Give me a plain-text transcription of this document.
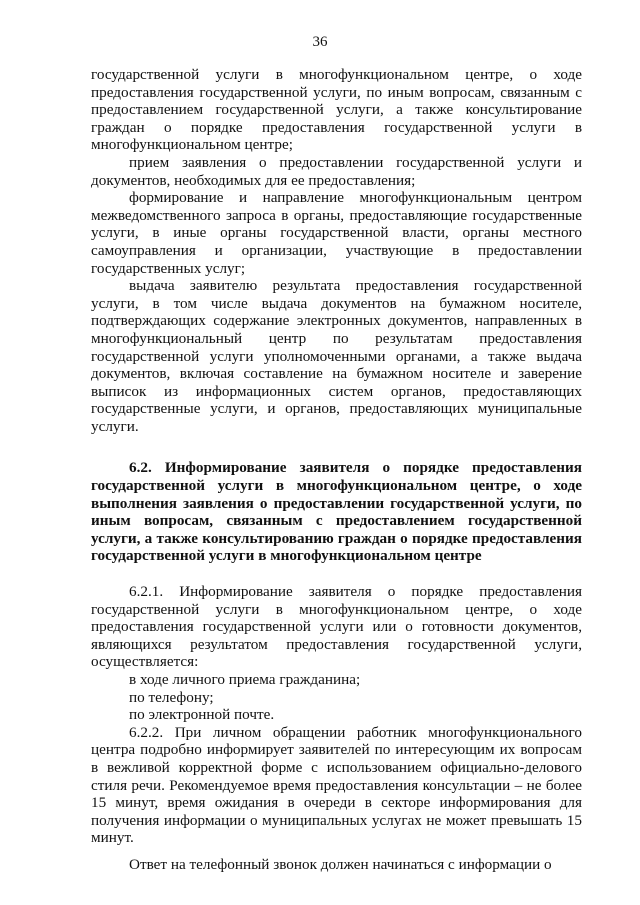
36

государственной услуги в многофункциональном центре, о ходе предоставления государственной услуги, по иным вопросам, связанным с предоставлением государственной услуги, а также консультирование граждан о порядке предоставления государственной услуги в многофункциональном центре;

прием заявления о предоставлении государственной услуги и документов, необходимых для ее предоставления;

формирование и направление многофункциональным центром межведомственного запроса в органы, предоставляющие государственные услуги, в иные органы государственной власти, органы местного самоуправления и организации, участвующие в предоставлении государственных услуг;

выдача заявителю результата предоставления государственной услуги, в том числе выдача документов на бумажном носителе, подтверждающих содержание электронных документов, направленных в многофункциональный центр по результатам предоставления государственной услуги уполномоченными органами, а также выдача документов, включая составление на бумажном носителе и заверение выписок из информационных систем органов, предоставляющих государственные услуги, и органов, предоставляющих муниципальные услуги.

6.2. Информирование заявителя о порядке предоставления государственной услуги в многофункциональном центре, о ходе выполнения заявления о предоставлении государственной услуги, по иным вопросам, связанным с предоставлением государственной услуги, а также консультированию граждан о порядке предоставления государственной услуги в многофункциональном центре

6.2.1. Информирование заявителя о порядке предоставления государственной услуги в многофункциональном центре, о ходе предоставления государственной услуги или о готовности документов, являющихся результатом предоставления государственной услуги, осуществляется:

в ходе личного приема гражданина;

по телефону;

по электронной почте.

6.2.2. При личном обращении работник многофункционального центра подробно информирует заявителей по интересующим их вопросам в вежливой корректной форме с использованием официально-делового стиля речи. Рекомендуемое время предоставления консультации – не более 15 минут, время ожидания в очереди в секторе информирования для получения информации о муниципальных услугах не может превышать 15 минут.

Ответ на телефонный звонок должен начинаться с информации о
